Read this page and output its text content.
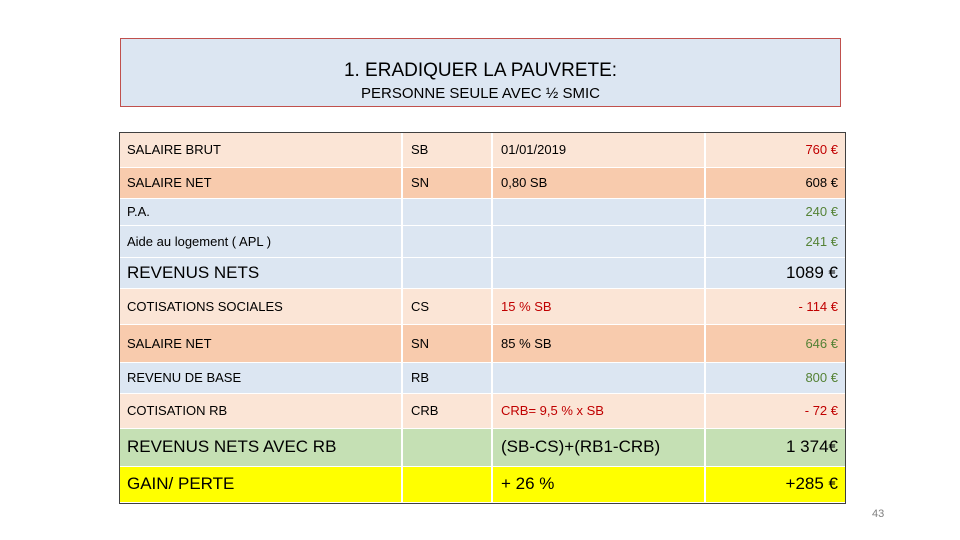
1. ERADIQUER LA PAUVRETE:
PERSONNE SEULE AVEC ½ SMIC
SALAIRE BRUT	SB	01/01/2019	760 €
SALAIRE NET	SN	0,80 SB	608 €
P.A.			240 €
Aide au logement ( APL )			241 €
REVENUS NETS			1089 €
COTISATIONS SOCIALES	CS	15 % SB	- 114 €
SALAIRE NET	SN	85 % SB	646 €
REVENU DE BASE	RB		800 €
COTISATION RB	CRB	CRB= 9,5 % x SB	- 72 €
REVENUS NETS AVEC RB		(SB-CS)+(RB1-CRB)	1 374€
GAIN/ PERTE		+ 26 %	+285 €
43
